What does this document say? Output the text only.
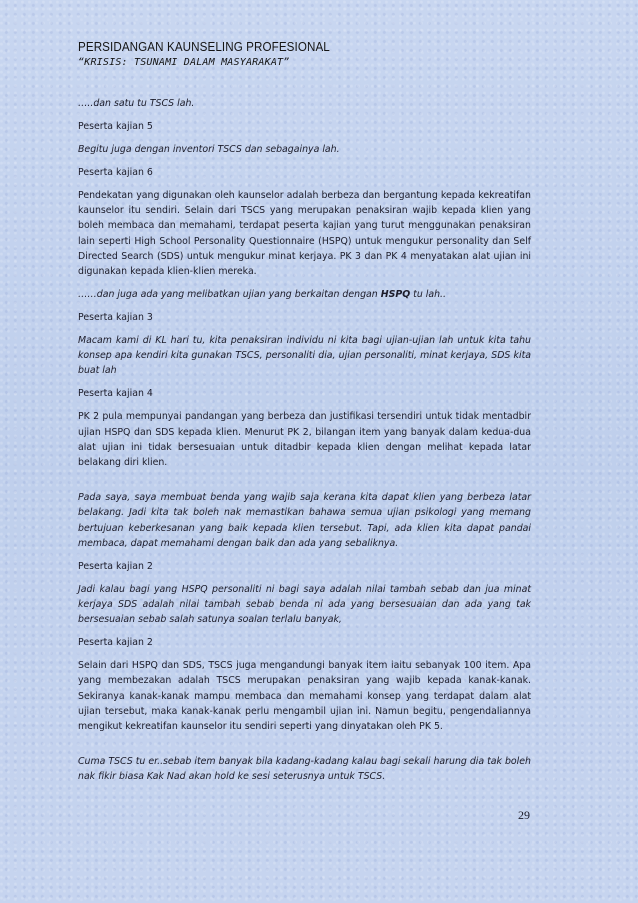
PERSIDANGAN KAUNSELING PROFESIONAL
“KRISIS: TSUNAMI DALAM MASYARAKAT”

…..dan satu tu TSCS lah.

Peserta kajian 5

Begitu juga dengan inventori TSCS dan sebagainya lah.

Peserta kajian 6

Pendekatan yang digunakan oleh kaunselor adalah berbeza dan bergantung kepada kekreatifan kaunselor itu sendiri. Selain dari TSCS yang merupakan penaksiran wajib kepada klien yang boleh membaca dan memahami, terdapat peserta kajian yang turut menggunakan penaksiran lain seperti High School Personality Questionnaire (HSPQ) untuk mengukur personality dan Self Directed Search (SDS) untuk mengukur minat kerjaya. PK 3 dan PK 4 menyatakan alat ujian ini digunakan kepada klien-klien mereka.

……dan juga ada yang melibatkan ujian yang berkaitan dengan HSPQ tu lah..

Peserta kajian 3

Macam kami di KL hari tu, kita penaksiran individu ni kita bagi ujian-ujian lah untuk kita tahu konsep apa kendiri kita gunakan TSCS, personaliti dia, ujian personaliti, minat kerjaya, SDS kita buat lah

Peserta kajian 4

PK 2 pula mempunyai pandangan yang berbeza dan justifikasi tersendiri untuk tidak mentadbir ujian HSPQ dan SDS kepada klien. Menurut PK 2, bilangan item yang banyak dalam kedua-dua alat ujian ini tidak bersesuaian untuk ditadbir kepada klien dengan melihat kepada latar belakang diri klien.

Pada saya, saya membuat benda yang wajib saja kerana kita dapat klien yang berbeza latar belakang. Jadi kita tak boleh nak memastikan bahawa semua ujian psikologi yang memang bertujuan keberkesanan yang baik kepada klien tersebut. Tapi, ada klien kita dapat pandai membaca, dapat memahami dengan baik dan ada yang sebaliknya.

Peserta kajian 2

Jadi kalau bagi yang HSPQ personaliti ni bagi saya adalah nilai tambah sebab dan jua minat kerjaya SDS adalah nilai tambah sebab benda ni ada yang bersesuaian dan ada yang tak bersesuaian sebab salah satunya soalan terlalu banyak,

Peserta kajian 2

Selain dari HSPQ dan SDS, TSCS juga mengandungi banyak item iaitu sebanyak 100 item. Apa yang membezakan adalah TSCS merupakan penaksiran yang wajib kepada kanak-kanak. Sekiranya kanak-kanak mampu membaca dan memahami konsep yang terdapat dalam alat ujian tersebut, maka kanak-kanak perlu mengambil ujian ini. Namun begitu, pengendaliannya mengikut kekreatifan kaunselor itu sendiri seperti yang dinyatakan oleh PK 5.

Cuma TSCS tu er..sebab item banyak bila kadang-kadang kalau bagi sekali harung dia tak boleh nak fikir biasa Kak Nad akan hold ke sesi seterusnya untuk TSCS.

29
